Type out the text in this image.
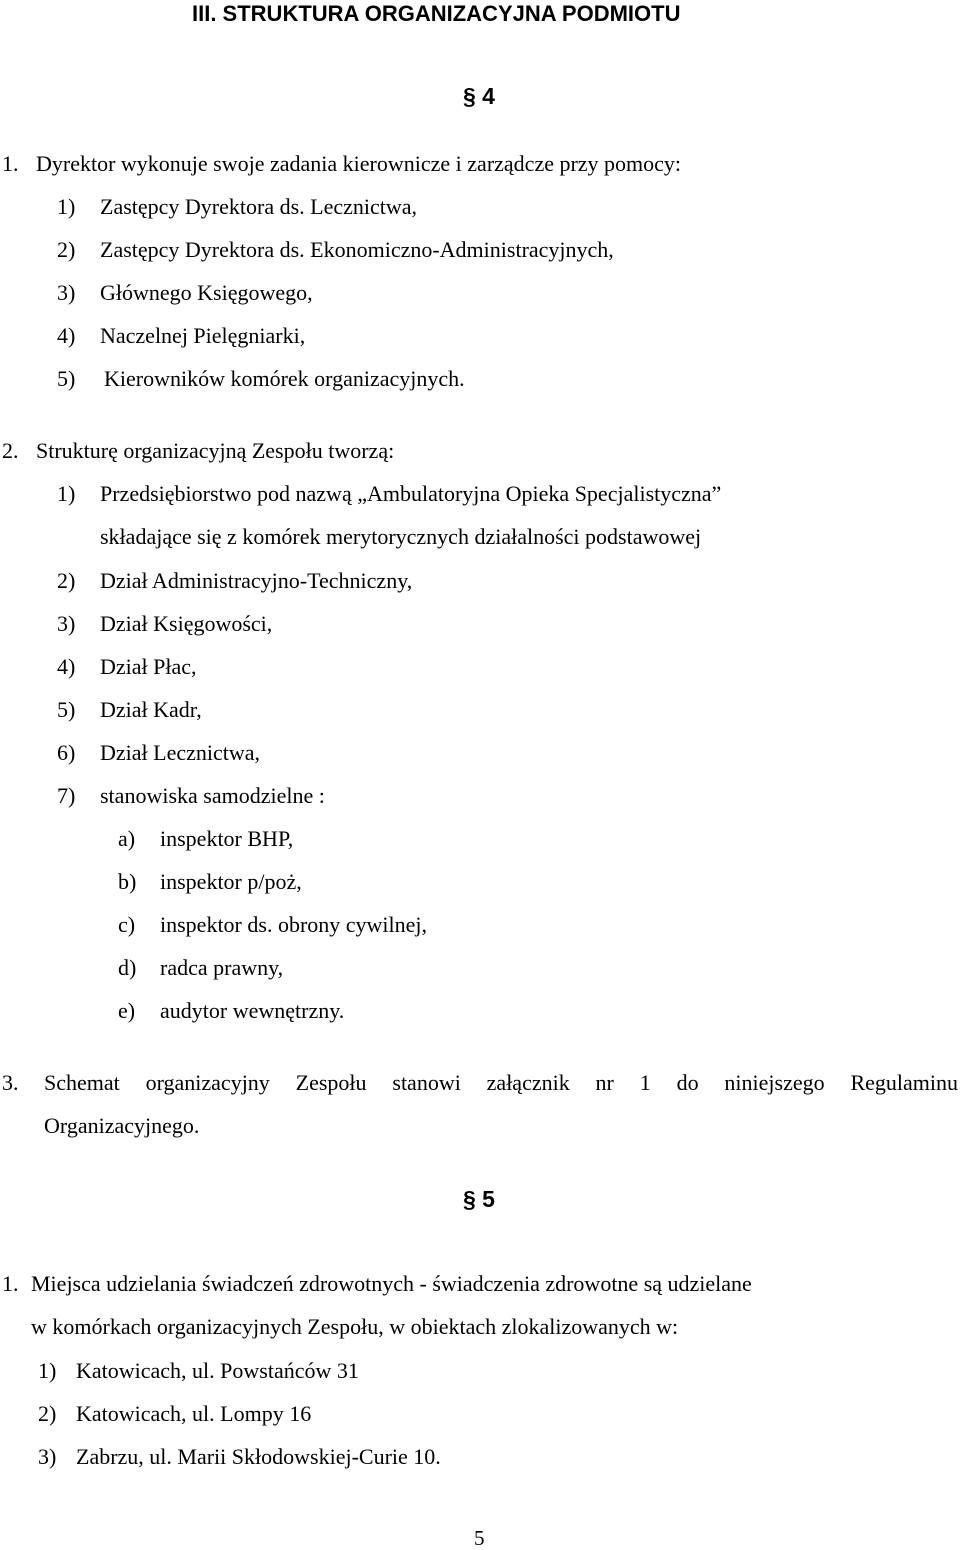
III. STRUKTURA ORGANIZACYJNA PODMIOTU
§ 4
1. Dyrektor wykonuje swoje zadania kierownicze i zarządcze przy pomocy:
1) Zastępcy Dyrektora ds. Lecznictwa,
2) Zastępcy Dyrektora ds. Ekonomiczno-Administracyjnych,
3) Głównego Księgowego,
4) Naczelnej Pielęgniarki,
5) Kierowników komórek organizacyjnych.
2. Strukturę organizacyjną Zespołu tworzą:
1) Przedsiębiorstwo pod nazwą „Ambulatoryjna Opieka Specjalistyczna”
składające się z komórek merytorycznych działalności podstawowej
2) Dział Administracyjno-Techniczny,
3) Dział Księgowości,
4) Dział Płac,
5) Dział Kadr,
6) Dział Lecznictwa,
7) stanowiska samodzielne :
a) inspektor BHP,
b) inspektor p/poż,
c) inspektor ds. obrony cywilnej,
d) radca prawny,
e) audytor wewnętrzny.
3. Schemat organizacyjny Zespołu stanowi załącznik nr 1 do niniejszego Regulaminu
Organizacyjnego.
§ 5
1. Miejsca udzielania świadczeń zdrowotnych - świadczenia zdrowotne są udzielane
w komórkach organizacyjnych Zespołu, w obiektach zlokalizowanych w:
1) Katowicach, ul. Powstańców 31
2) Katowicach, ul. Lompy 16
3) Zabrzu, ul. Marii Skłodowskiej-Curie 10.
5
